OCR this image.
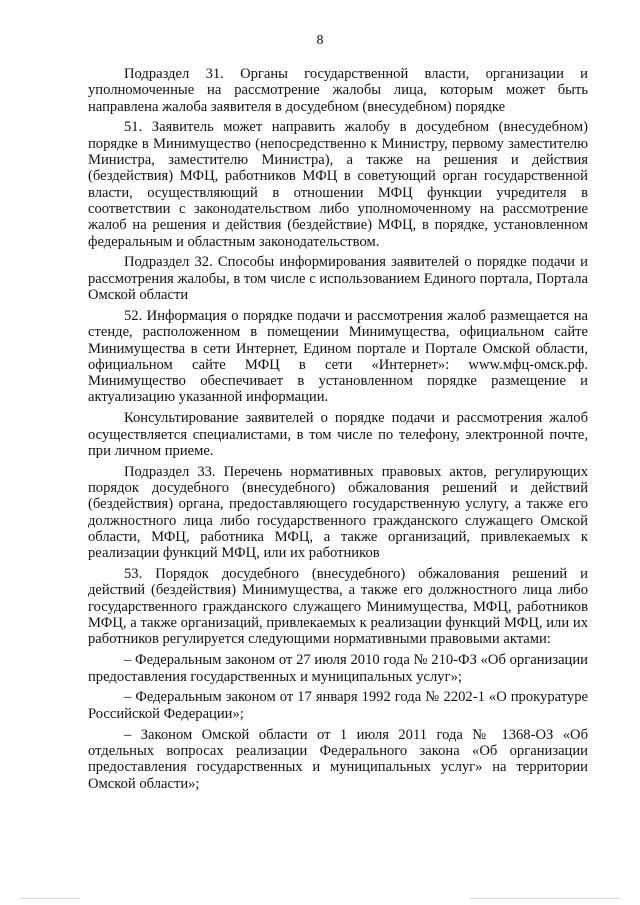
8

Подраздел 31. Органы государственной власти, организации и уполномоченные на рассмотрение жалобы лица, которым может быть направлена жалоба заявителя в досудебном (внесудебном) порядке

51. Заявитель может направить жалобу в досудебном (внесудебном) порядке в Минимущество (непосредственно к Министру, первому заместителю Министра, заместителю Министра), а также на решения и действия (бездействия) МФЦ, работников МФЦ в советующий орган государственной власти, осуществляющий в отношении МФЦ функции учредителя в соответствии с законодательством либо уполномоченному на рассмотрение жалоб на решения и действия (бездействие) МФЦ, в порядке, установленном федеральным и областным законодательством.

Подраздел 32. Способы информирования заявителей о порядке подачи и рассмотрения жалобы, в том числе с использованием Единого портала, Портала Омской области

52. Информация о порядке подачи и рассмотрения жалоб размещается на стенде, расположенном в помещении Минимущества, официальном сайте Минимущества в сети Интернет, Едином портале и Портале Омской области, официальном сайте МФЦ в сети «Интернет»: www.мфц-омск.рф. Минимущество обеспечивает в установленном порядке размещение и актуализацию указанной информации.

Консультирование заявителей о порядке подачи и рассмотрения жалоб осуществляется специалистами, в том числе по телефону, электронной почте, при личном приеме.

Подраздел 33. Перечень нормативных правовых актов, регулирующих порядок досудебного (внесудебного) обжалования решений и действий (бездействия) органа, предоставляющего государственную услугу, а также его должностного лица либо государственного гражданского служащего Омской области, МФЦ, работника МФЦ, а также организаций, привлекаемых к реализации функций МФЦ, или их работников

53. Порядок досудебного (внесудебного) обжалования решений и действий (бездействия) Минимущества, а также его должностного лица либо государственного гражданского служащего Минимущества, МФЦ, работников МФЦ, а также организаций, привлекаемых к реализации функций МФЦ, или их работников регулируется следующими нормативными правовыми актами:

– Федеральным законом от 27 июля 2010 года № 210-ФЗ «Об организации предоставления государственных и муниципальных услуг»;

– Федеральным законом от 17 января 1992 года № 2202-1 «О прокуратуре Российской Федерации»;

– Законом Омской области от 1 июля 2011 года № 1368-ОЗ «Об отдельных вопросах реализации Федерального закона «Об организации предоставления государственных и муниципальных услуг» на территории Омской области»;
